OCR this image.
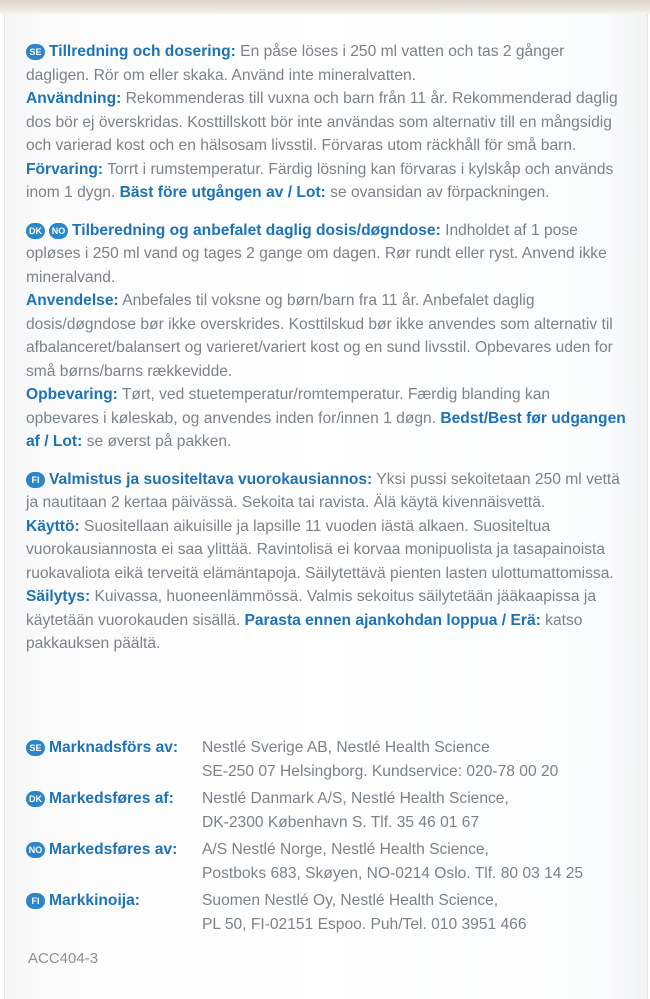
SE Tillredning och dosering: En påse löses i 250 ml vatten och tas 2 gånger dagligen. Rör om eller skaka. Använd inte mineralvatten.

Användning: Rekommenderas till vuxna och barn från 11 år. Rekommenderad daglig dos bör ej överskridas. Kosttillskott bör inte användas som alternativ till en mångsidig och varierad kost och en hälsosam livsstil. Förvaras utom räckhåll för små barn.

Förvaring: Torrt i rumstemperatur. Färdig lösning kan förvaras i kylskåp och används inom 1 dygn. Bäst före utgången av / Lot: se ovansidan av förpackningen.

DK NO Tilberedning og anbefalet daglig dosis/døgndose: Indholdet af 1 pose opløses i 250 ml vand og tages 2 gange om dagen. Rør rundt eller ryst. Anvend ikke mineralvand.

Anvendelse: Anbefales til voksne og børn/barn fra 11 år. Anbefalet daglig dosis/døgndose bør ikke overskrides. Kosttilskud bør ikke anvendes som alternativ til afbalanceret/balansert og varieret/variert kost og en sund livsstil. Opbevares uden for små børns/barns rækkevidde.

Opbevaring: Tørt, ved stuetemperatur/romtemperatur. Færdig blanding kan opbevares i køleskab, og anvendes inden for/innen 1 døgn. Bedst/Best før udgangen af / Lot: se øverst på pakken.

FI Valmistus ja suositeltava vuorokausiannos: Yksi pussi sekoitetaan 250 ml vettä ja nautitaan 2 kertaa päivässä. Sekoita tai ravista. Älä käytä kivennäisvettä.

Käyttö: Suositellaan aikuisille ja lapsille 11 vuoden iästä alkaen. Suositeltua vuorokausiannosta ei saa ylittää. Ravintolisä ei korvaa monipuolista ja tasapainoista ruokavaliota eikä terveitä elämäntapoja. Säilytettävä pienten lasten ulottumattomissa.

Säilytys: Kuivassa, huoneenlämmössä. Valmis sekoitus säilytetään jääkaapissa ja käytetään vuorokauden sisällä. Parasta ennen ajankohdan loppua / Erä: katso pakkauksen päältä.

SE Marknadsförs av:	Nestlé Sverige AB, Nestlé Health Science
SE-250 07 Helsingborg. Kundservice: 020-78 00 20
DK Markedsføres af:	Nestlé Danmark A/S, Nestlé Health Science,
DK-2300 København S. Tlf. 35 46 01 67
NO Markedsføres av:	A/S Nestlé Norge, Nestlé Health Science,
Postboks 683, Skøyen, NO-0214 Oslo. Tlf. 80 03 14 25
FI Markkinoija:	Suomen Nestlé Oy, Nestlé Health Science,
PL 50, FI-02151 Espoo. Puh/Tel. 010 3951 466
ACC404-3
